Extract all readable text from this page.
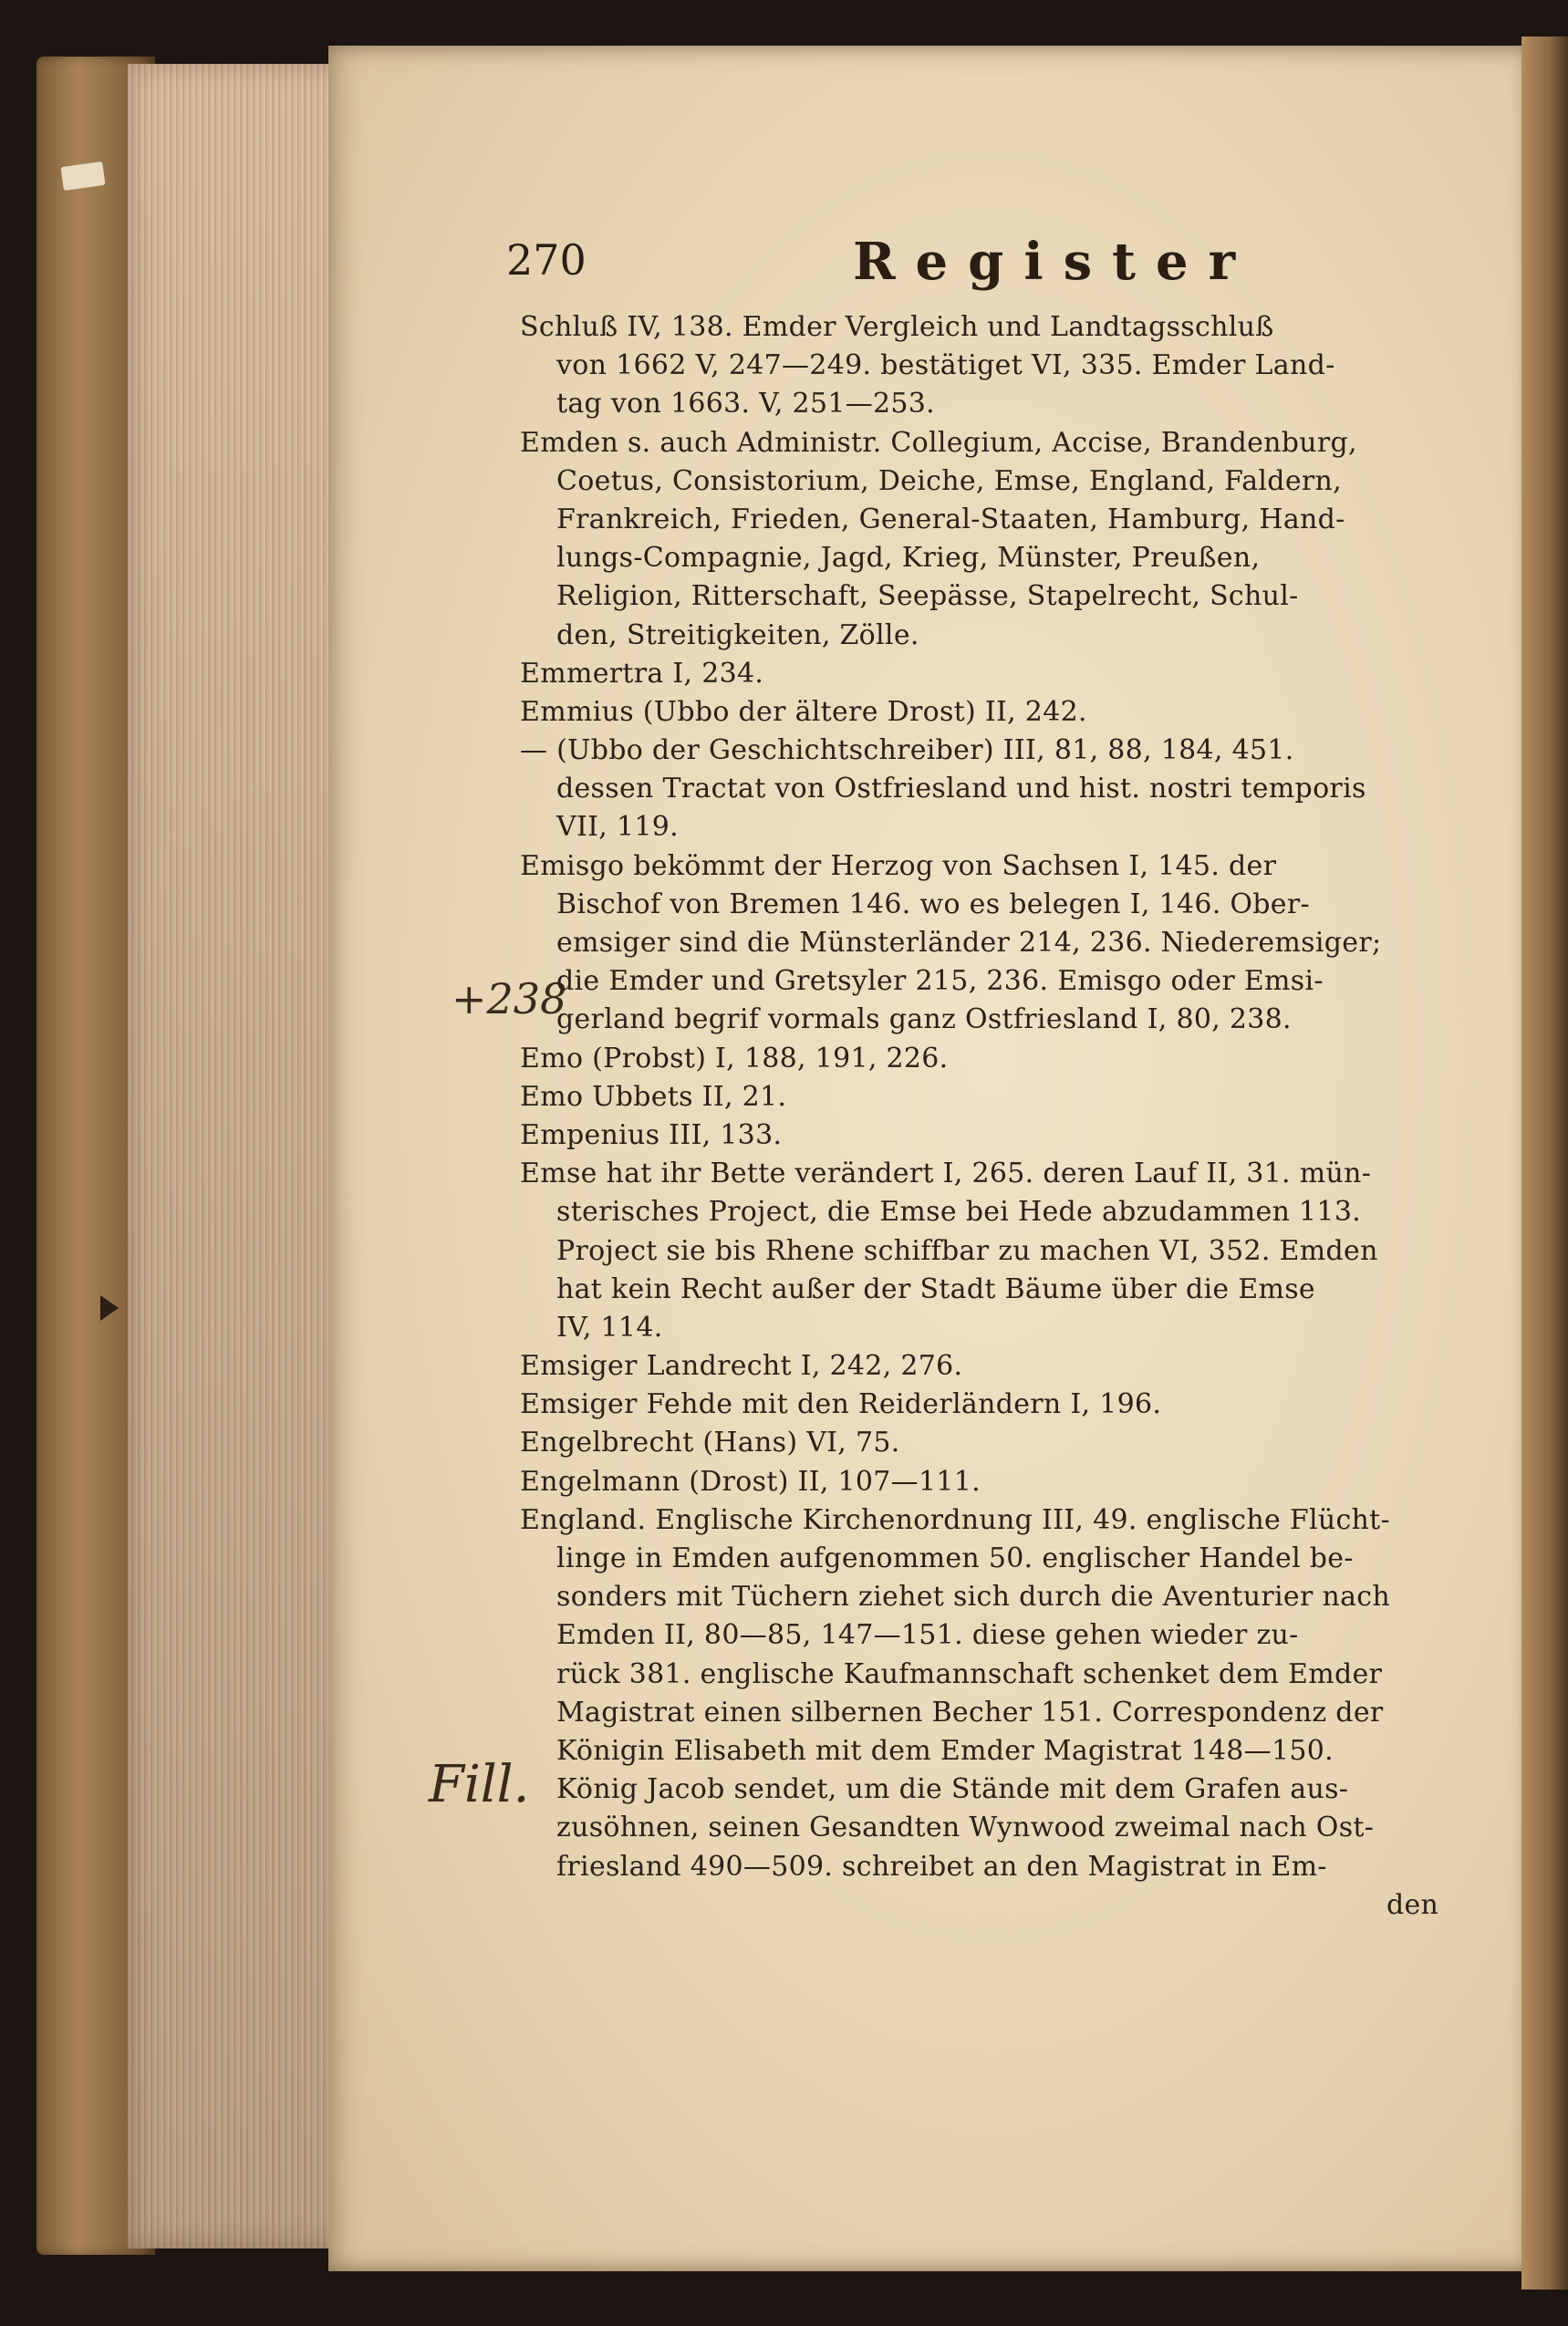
270	Register
+238
Fill.
Schluß IV, 138. Emder Vergleich und Landtagsschluß
von 1662 V, 247—249. bestätiget VI, 335. Emder Land-
tag von 1663. V, 251—253.
Emden s. auch Administr. Collegium, Accise, Brandenburg,
Coetus, Consistorium, Deiche, Emse, England, Faldern,
Frankreich, Frieden, General-Staaten, Hamburg, Hand-
lungs-Compagnie, Jagd, Krieg, Münster, Preußen,
Religion, Ritterschaft, Seepässe, Stapelrecht, Schul-
den, Streitigkeiten, Zölle.
Emmertra I, 234.
Emmius (Ubbo der ältere Drost) II, 242.
— (Ubbo der Geschichtschreiber) III, 81, 88, 184, 451.
dessen Tractat von Ostfriesland und hist. nostri temporis
VII, 119.
Emisgo bekömmt der Herzog von Sachsen I, 145. der
Bischof von Bremen 146. wo es belegen I, 146. Ober-
emsiger sind die Münsterländer 214, 236. Niederemsiger;
die Emder und Gretsyler 215, 236. Emisgo oder Emsi-
gerland begrif vormals ganz Ostfriesland I, 80, 238.
Emo (Probst) I, 188, 191, 226.
Emo Ubbets II, 21.
Empenius III, 133.
Emse hat ihr Bette verändert I, 265. deren Lauf II, 31. mün-
sterisches Project, die Emse bei Hede abzudammen 113.
Project sie bis Rhene schiffbar zu machen VI, 352. Emden
hat kein Recht außer der Stadt Bäume über die Emse
IV, 114.
Emsiger Landrecht I, 242, 276.
Emsiger Fehde mit den Reiderländern I, 196.
Engelbrecht (Hans) VI, 75.
Engelmann (Drost) II, 107—111.
England. Englische Kirchenordnung III, 49. englische Flücht-
linge in Emden aufgenommen 50. englischer Handel be-
sonders mit Tüchern ziehet sich durch die Aventurier nach
Emden II, 80—85, 147—151. diese gehen wieder zu-
rück 381. englische Kaufmannschaft schenket dem Emder
Magistrat einen silbernen Becher 151. Correspondenz der
Königin Elisabeth mit dem Emder Magistrat 148—150.
König Jacob sendet, um die Stände mit dem Grafen aus-
zusöhnen, seinen Gesandten Wynwood zweimal nach Ost-
friesland 490—509. schreibet an den Magistrat in Em-
den
